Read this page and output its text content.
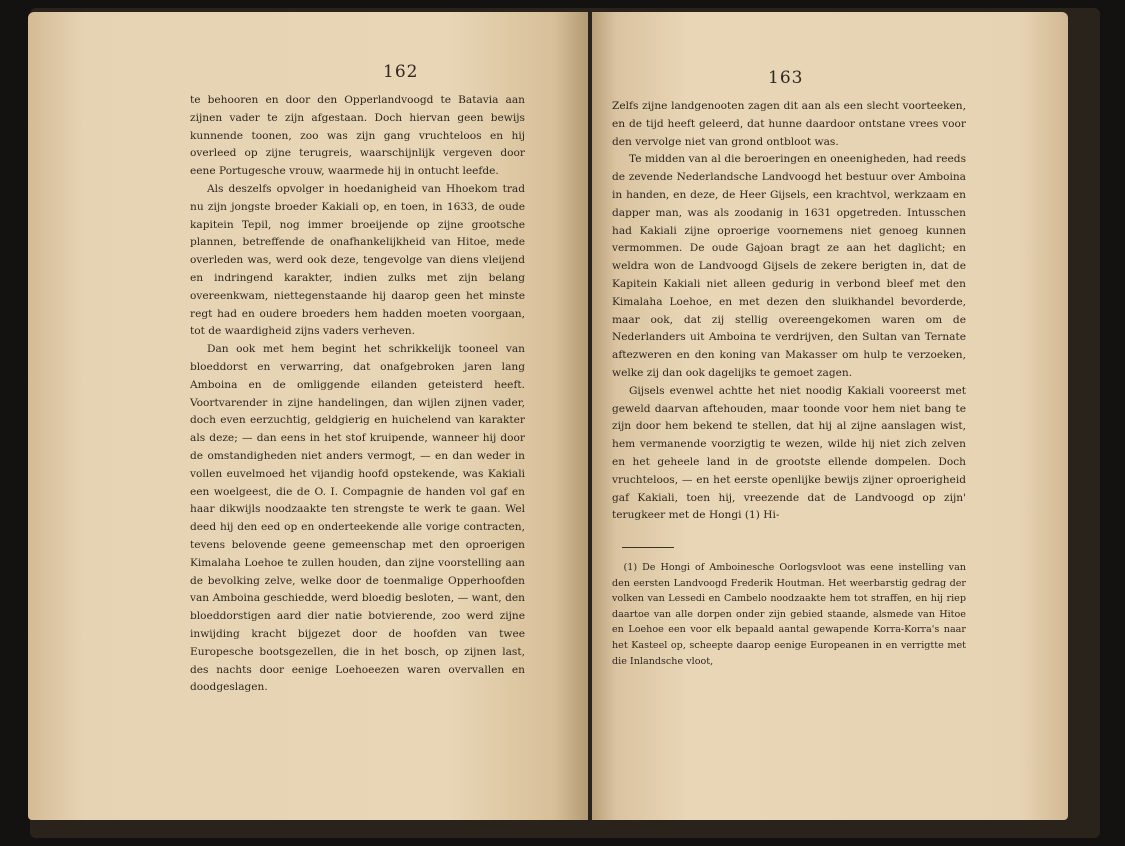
162

te behooren en door den Opperlandvoogd te Batavia aan zijnen vader te zijn afgestaan. Doch hiervan geen bewijs kunnende toonen, zoo was zijn gang vruchteloos en hij overleed op zijne terugreis, waarschijnlijk vergeven door eene Portugesche vrouw, waarmede hij in ontucht leefde.

Als deszelfs opvolger in hoedanigheid van Hhoekom trad nu zijn jongste broeder Kakiali op, en toen, in 1633, de oude kapitein Tepil, nog immer broeijende op zijne grootsche plannen, betreffende de onafhankelijkheid van Hitoe, mede overleden was, werd ook deze, tengevolge van diens vleijend en indringend karakter, indien zulks met zijn belang overeenkwam, niettegenstaande hij daarop geen het minste regt had en oudere broeders hem hadden moeten voorgaan, tot de waardigheid zijns vaders verheven.

Dan ook met hem begint het schrikkelijk tooneel van bloeddorst en verwarring, dat onafgebroken jaren lang Amboina en de omliggende eilanden geteisterd heeft. Voortvarender in zijne handelingen, dan wijlen zijnen vader, doch even eerzuchtig, geldgierig en huichelend van karakter als deze; — dan eens in het stof kruipende, wanneer hij door de omstandigheden niet anders vermogt, — en dan weder in vollen euvelmoed het vijandig hoofd opstekende, was Kakiali een woelgeest, die de O. I. Compagnie de handen vol gaf en haar dikwijls noodzaakte ten strengste te werk te gaan. Wel deed hij den eed op en onderteekende alle vorige contracten, tevens belovende geene gemeenschap met den oproerigen Kimalaha Loehoe te zullen houden, dan zijne voorstelling aan de bevolking zelve, welke door de toenmalige Opperhoofden van Amboina geschiedde, werd bloedig besloten, — want, den bloeddorstigen aard dier natie botvierende, zoo werd zijne inwijding kracht bijgezet door de hoofden van twee Europesche bootsgezellen, die in het bosch, op zijnen last, des nachts door eenige Loehoeezen waren overvallen en doodgeslagen.

163

Zelfs zijne landgenooten zagen dit aan als een slecht voorteeken, en de tijd heeft geleerd, dat hunne daardoor ontstane vrees voor den vervolge niet van grond ontbloot was.

Te midden van al die beroeringen en oneenigheden, had reeds de zevende Nederlandsche Landvoogd het bestuur over Amboina in handen, en deze, de Heer Gijsels, een krachtvol, werkzaam en dapper man, was als zoodanig in 1631 opgetreden. Intusschen had Kakiali zijne oproerige voornemens niet genoeg kunnen vermommen. De oude Gajoan bragt ze aan het daglicht; en weldra won de Landvoogd Gijsels de zekere berigten in, dat de Kapitein Kakiali niet alleen gedurig in verbond bleef met den Kimalaha Loehoe, en met dezen den sluikhandel bevorderde, maar ook, dat zij stellig overeengekomen waren om de Nederlanders uit Amboina te verdrijven, den Sultan van Ternate aftezweren en den koning van Makasser om hulp te verzoeken, welke zij dan ook dagelijks te gemoet zagen.

Gijsels evenwel achtte het niet noodig Kakiali vooreerst met geweld daarvan aftehouden, maar toonde voor hem niet bang te zijn door hem bekend te stellen, dat hij al zijne aanslagen wist, hem vermanende voorzigtig te wezen, wilde hij niet zich zelven en het geheele land in de grootste ellende dompelen. Doch vruchteloos, — en het eerste openlijke bewijs zijner oproerigheid gaf Kakiali, toen hij, vreezende dat de Landvoogd op zijn' terugkeer met de Hongi (1) Hi-

(1) De Hongi of Amboinesche Oorlogsvloot was eene instelling van den eersten Landvoogd Frederik Houtman. Het weerbarstig gedrag der volken van Lessedi en Cambelo noodzaakte hem tot straffen, en hij riep daartoe van alle dorpen onder zijn gebied staande, alsmede van Hitoe en Loehoe een voor elk bepaald aantal gewapende Korra-Korra's naar het Kasteel op, scheepte daarop eenige Europeanen in en verrigtte met die Inlandsche vloot,
